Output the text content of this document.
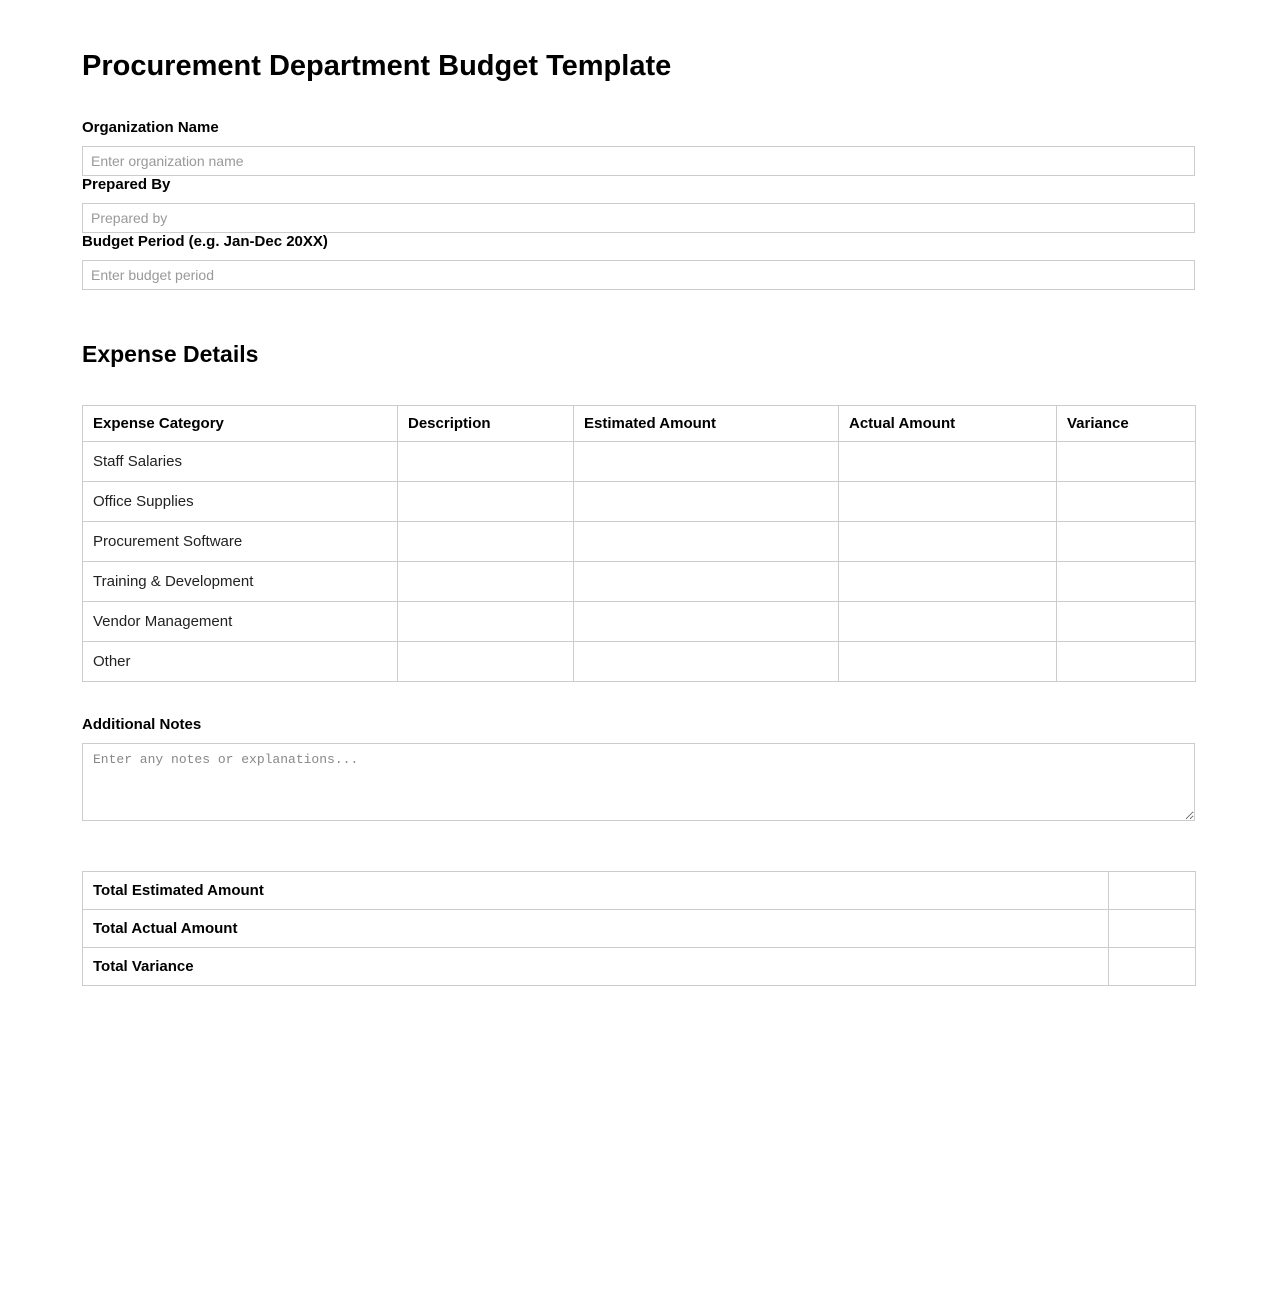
Procurement Department Budget Template
Organization Name
Enter organization name
Prepared By
Prepared by
Budget Period (e.g. Jan-Dec 20XX)
Enter budget period
Expense Details
Expense Category	Description	Estimated Amount	Actual Amount	Variance
Staff Salaries				
Office Supplies				
Procurement Software				
Training & Development				
Vendor Management				
Other				
Additional Notes
Enter any notes or explanations...
Total Estimated Amount	
Total Actual Amount	
Total Variance	
